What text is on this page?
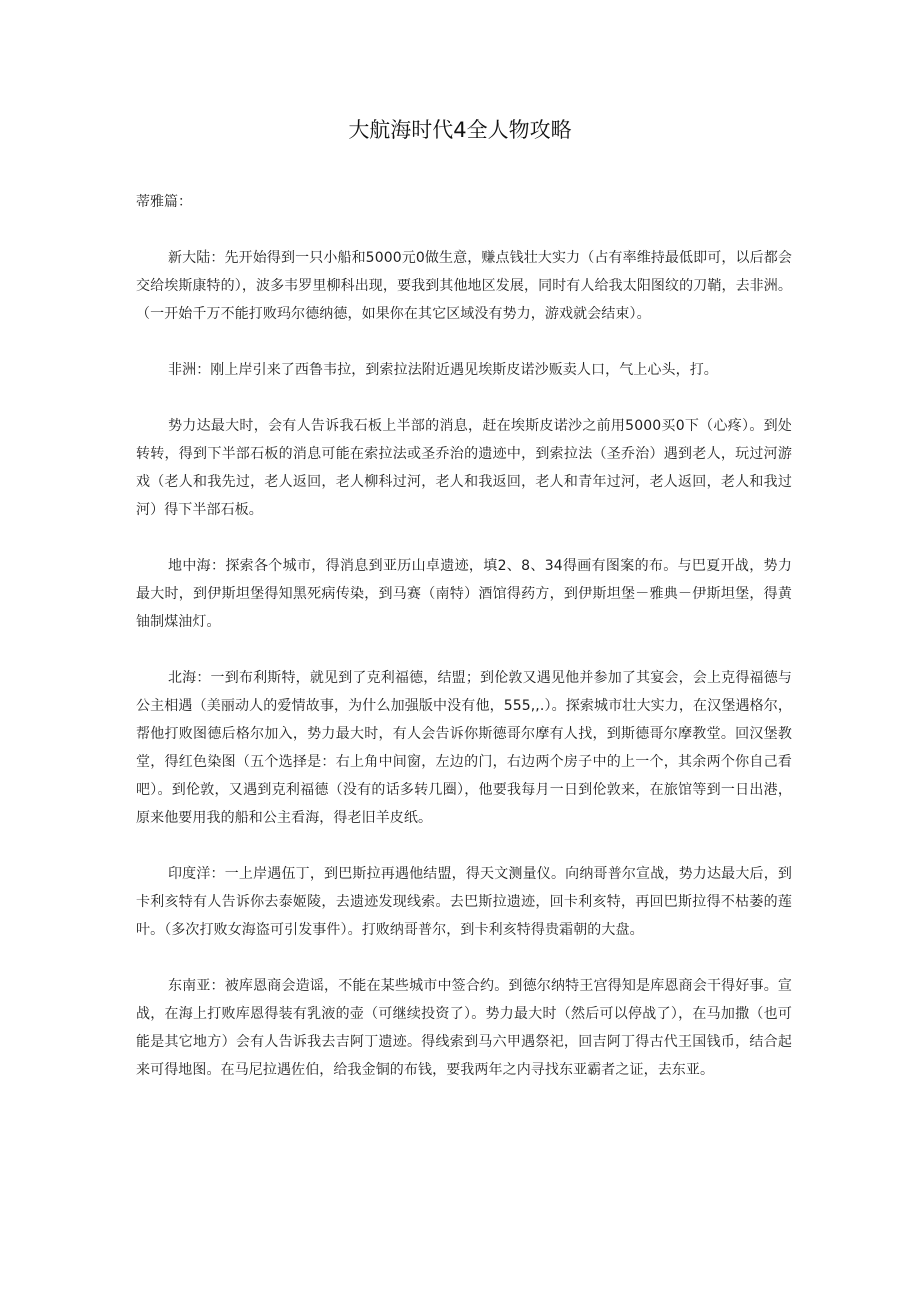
大航海时代4全人物攻略

蒂雅篇：

新大陆：先开始得到一只小船和5000元0做生意，赚点钱壮大实力（占有率维持最低即可，以后都会交给埃斯康特的），波多韦罗里柳科出现，要我到其他地区发展，同时有人给我太阳图纹的刀鞘，去非洲。（一开始千万不能打败玛尔德纳德，如果你在其它区域没有势力，游戏就会结束）。

非洲：刚上岸引来了西鲁韦拉，到索拉法附近遇见埃斯皮诺沙贩卖人口，气上心头，打。

势力达最大时，会有人告诉我石板上半部的消息，赶在埃斯皮诺沙之前用5000买0下（心疼）。到处转转，得到下半部石板的消息可能在索拉法或圣乔治的遗迹中，到索拉法（圣乔治）遇到老人，玩过河游戏（老人和我先过，老人返回，老人柳科过河，老人和我返回，老人和青年过河，老人返回，老人和我过河）得下半部石板。

地中海：探索各个城市，得消息到亚历山卓遗迹，填2、8、34得画有图案的布。与巴夏开战，势力最大时，到伊斯坦堡得知黑死病传染，到马赛（南特）酒馆得药方，到伊斯坦堡－雅典－伊斯坦堡，得黄铀制煤油灯。

北海：一到布利斯特，就见到了克利福德，结盟；到伦敦又遇见他并参加了其宴会，会上克得福德与公主相遇（美丽动人的爱情故事，为什么加强版中没有他，555,,.）。探索城市壮大实力，在汉堡遇格尔，帮他打败图德后格尔加入，势力最大时，有人会告诉你斯德哥尔摩有人找，到斯德哥尔摩教堂。回汉堡教堂，得红色染图（五个选择是：右上角中间窗，左边的门，右边两个房子中的上一个，其余两个你自己看吧）。到伦敦，又遇到克利福德（没有的话多转几圈），他要我每月一日到伦敦来，在旅馆等到一日出港，原来他要用我的船和公主看海，得老旧羊皮纸。

印度洋：一上岸遇伍丁，到巴斯拉再遇他结盟，得天文测量仪。向纳哥普尔宣战，势力达最大后，到卡利亥特有人告诉你去泰姬陵，去遗迹发现线索。去巴斯拉遗迹，回卡利亥特，再回巴斯拉得不枯萎的莲叶。（多次打败女海盗可引发事件）。打败纳哥普尔，到卡利亥特得贵霜朝的大盘。

东南亚：被库恩商会造谣，不能在某些城市中签合约。到德尔纳特王宫得知是库恩商会干得好事。宣战，在海上打败库恩得装有乳液的壶（可继续投资了）。势力最大时（然后可以停战了），在马加撒（也可能是其它地方）会有人告诉我去吉阿丁遗迹。得线索到马六甲遇祭祀，回吉阿丁得古代王国钱币，结合起来可得地图。在马尼拉遇佐伯，给我金铜的布钱，要我两年之内寻找东亚霸者之证，去东亚。
